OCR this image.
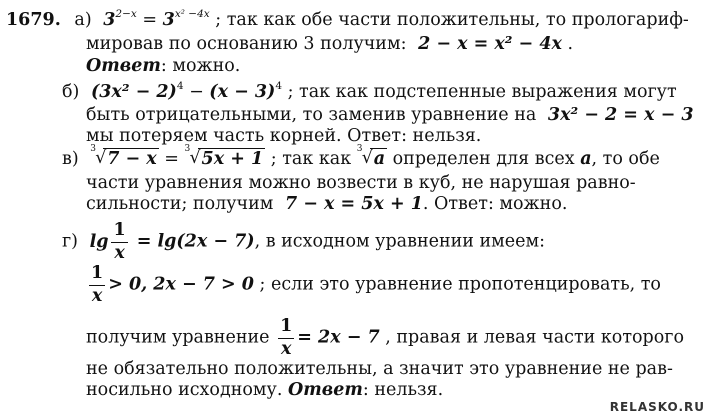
1679. а) $3^{2-x} = 3^{x^2 -4x}$ ; так как обе части положительны, то прологариф-
мировав по основанию 3 получим: 2 − x = x² − 4x .
Ответ: можно.
б) $(3x^2 - 2)^4 - (x - 3)^4$ ; так как подстепенные выражения могут
быть отрицательными, то заменив уравнение на 3x² − 2 = x − 3
мы потеряем часть корней. Ответ: нельзя.
в) 3 √ 7 − x = 3 √ 5x + 1 ; так как 3 √ a определен для всех a, то обе
части уравнения можно возвести в куб, не нарушая равно-
сильности; получим 7 − x = 5x + 1. Ответ: можно.
г) $\lg \frac{1}{x} = \lg(2x - 7)$, в исходном уравнении имеем:
$\frac{1}{x} > 0$, 2x − 7 > 0 ; если это уравнение пропотенцировать, то
получим уравнение $\frac{1}{x} = 2x - 7$ , правая и левая части которого
не обязательно положительны, а значит это уравнение не рав-
носильно исходному. Ответ: нельзя.
RELASKO.RU
